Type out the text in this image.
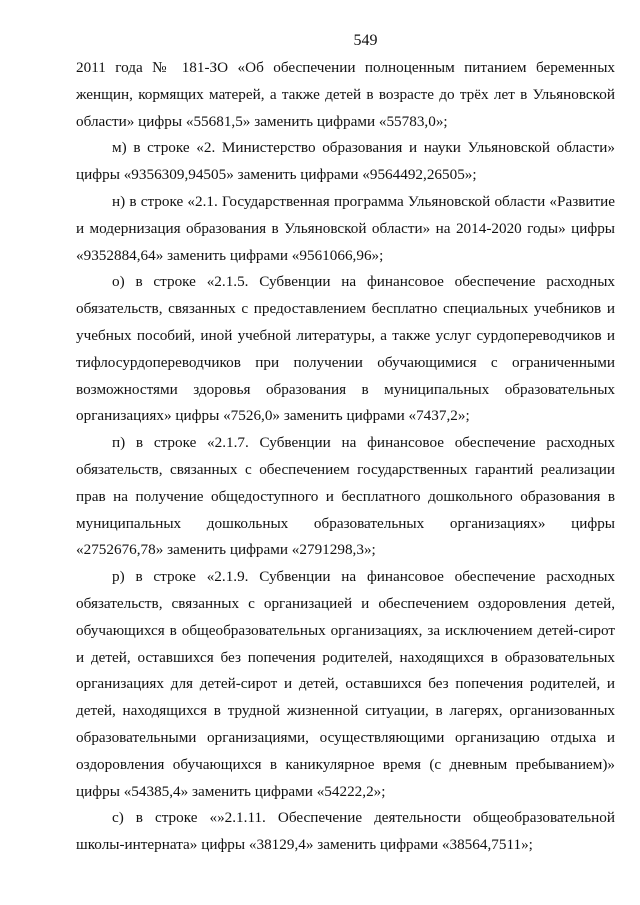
549

2011 года № 181-ЗО «Об обеспечении полноценным питанием беременных женщин, кормящих матерей, а также детей в возрасте до трёх лет в Ульяновской области» цифры «55681,5» заменить цифрами «55783,0»;

м) в строке «2. Министерство образования и науки Ульяновской области» цифры «9356309,94505» заменить цифрами «9564492,26505»;

н) в строке «2.1. Государственная программа Ульяновской области «Развитие и модернизация образования в Ульяновской области» на 2014-2020 годы» цифры «9352884,64» заменить цифрами «9561066,96»;

о) в строке «2.1.5. Субвенции на финансовое обеспечение расходных обязательств, связанных с предоставлением бесплатно специальных учебников и учебных пособий, иной учебной литературы, а также услуг сурдопереводчиков и тифлосурдопереводчиков при получении обучающимися с ограниченными возможностями здоровья образования в муниципальных образовательных организациях» цифры «7526,0» заменить цифрами «7437,2»;

п) в строке «2.1.7. Субвенции на финансовое обеспечение расходных обязательств, связанных с обеспечением государственных гарантий реализации прав на получение общедоступного и бесплатного дошкольного образования в муниципальных дошкольных образовательных организациях» цифры «2752676,78» заменить цифрами «2791298,3»;

р) в строке «2.1.9. Субвенции на финансовое обеспечение расходных обязательств, связанных с организацией и обеспечением оздоровления детей, обучающихся в общеобразовательных организациях, за исключением детей-сирот и детей, оставшихся без попечения родителей, находящихся в образовательных организациях для детей-сирот и детей, оставшихся без попечения родителей, и детей, находящихся в трудной жизненной ситуации, в лагерях, организованных образовательными организациями, осуществляющими организацию отдыха и оздоровления обучающихся в каникулярное время (с дневным пребыванием)» цифры «54385,4» заменить цифрами «54222,2»;

с) в строке «»2.1.11. Обеспечение деятельности общеобразовательной школы-интерната» цифры «38129,4» заменить цифрами «38564,7511»;
